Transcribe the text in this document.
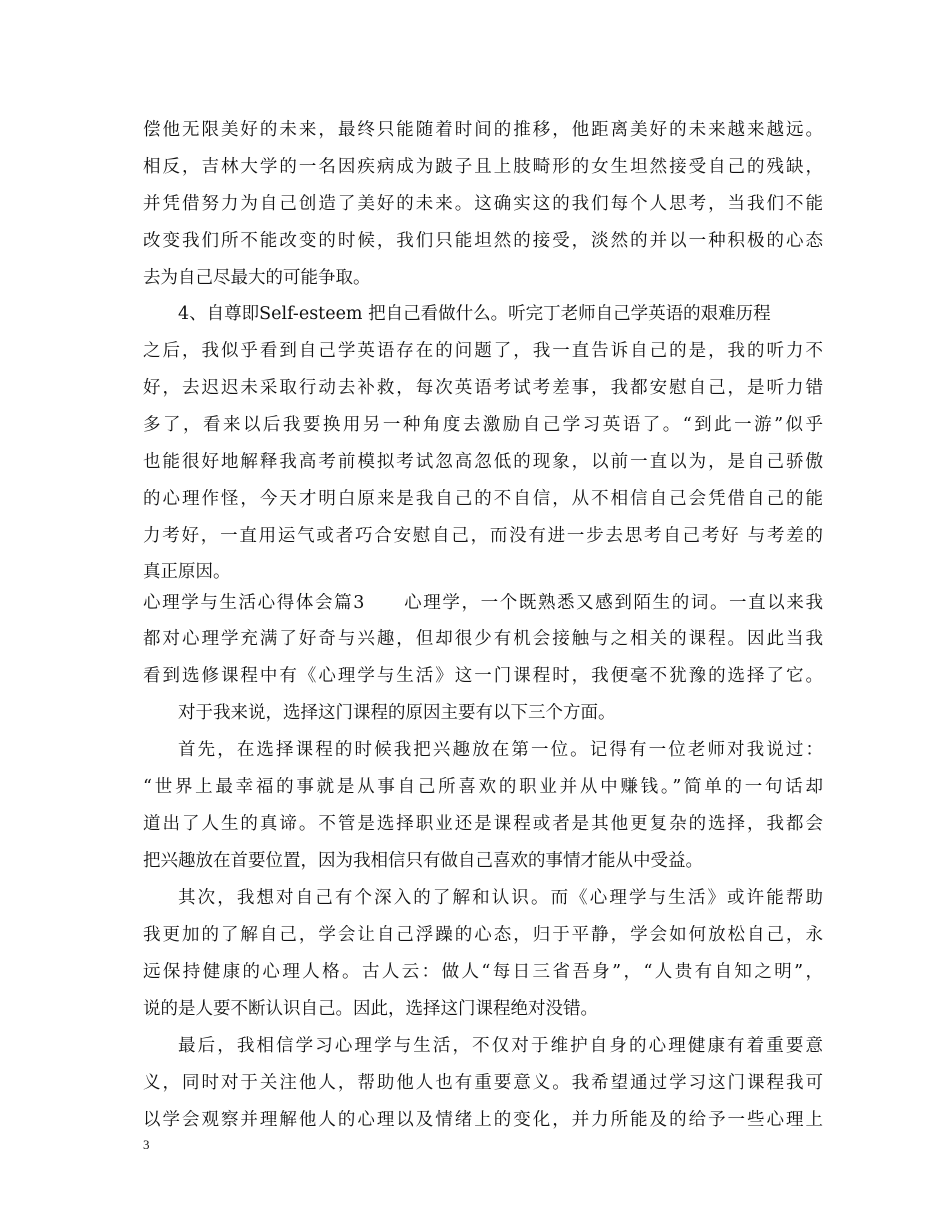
偿他无限美好的未来，最终只能随着时间的推移，他距离美好的未来越来越远。
相反，吉林大学的一名因疾病成为跛子且上肢畸形的女生坦然接受自己的残缺，
并凭借努力为自己创造了美好的未来。这确实这的我们每个人思考，当我们不能
改变我们所不能改变的时候，我们只能坦然的接受，淡然的并以一种积极的心态
去为自己尽最大的可能争取。
4、自尊即Self-esteem 把自己看做什么。听完丁老师自己学英语的艰难历程
之后，我似乎看到自己学英语存在的问题了，我一直告诉自己的是，我的听力不
好，去迟迟未采取行动去补救，每次英语考试考差事，我都安慰自己，是听力错
多了，看来以后我要换用另一种角度去激励自己学习英语了。“到此一游”似乎
也能很好地解释我高考前模拟考试忽高忽低的现象，以前一直以为，是自己骄傲
的心理作怪，今天才明白原来是我自己的不自信，从不相信自己会凭借自己的能
力考好，一直用运气或者巧合安慰自己，而没有进一步去思考自己考好 与考差的
真正原因。
心理学与生活心得体会篇3　　心理学，一个既熟悉又感到陌生的词。一直以来我
都对心理学充满了好奇与兴趣，但却很少有机会接触与之相关的课程。因此当我
看到选修课程中有《心理学与生活》这一门课程时，我便毫不犹豫的选择了它。
对于我来说，选择这门课程的原因主要有以下三个方面。
首先，在选择课程的时候我把兴趣放在第一位。记得有一位老师对我说过：
“世界上最幸福的事就是从事自己所喜欢的职业并从中赚钱。”简单的一句话却
道出了人生的真谛。不管是选择职业还是课程或者是其他更复杂的选择，我都会
把兴趣放在首要位置，因为我相信只有做自己喜欢的事情才能从中受益。
其次，我想对自己有个深入的了解和认识。而《心理学与生活》或许能帮助
我更加的了解自己，学会让自己浮躁的心态，归于平静，学会如何放松自己，永
远保持健康的心理人格。古人云：做人“每日三省吾身”，“人贵有自知之明”，
说的是人要不断认识自己。因此，选择这门课程绝对没错。
最后，我相信学习心理学与生活，不仅对于维护自身的心理健康有着重要意
义，同时对于关注他人，帮助他人也有重要意义。我希望通过学习这门课程我可
以学会观察并理解他人的心理以及情绪上的变化，并力所能及的给予一些心理上
3
